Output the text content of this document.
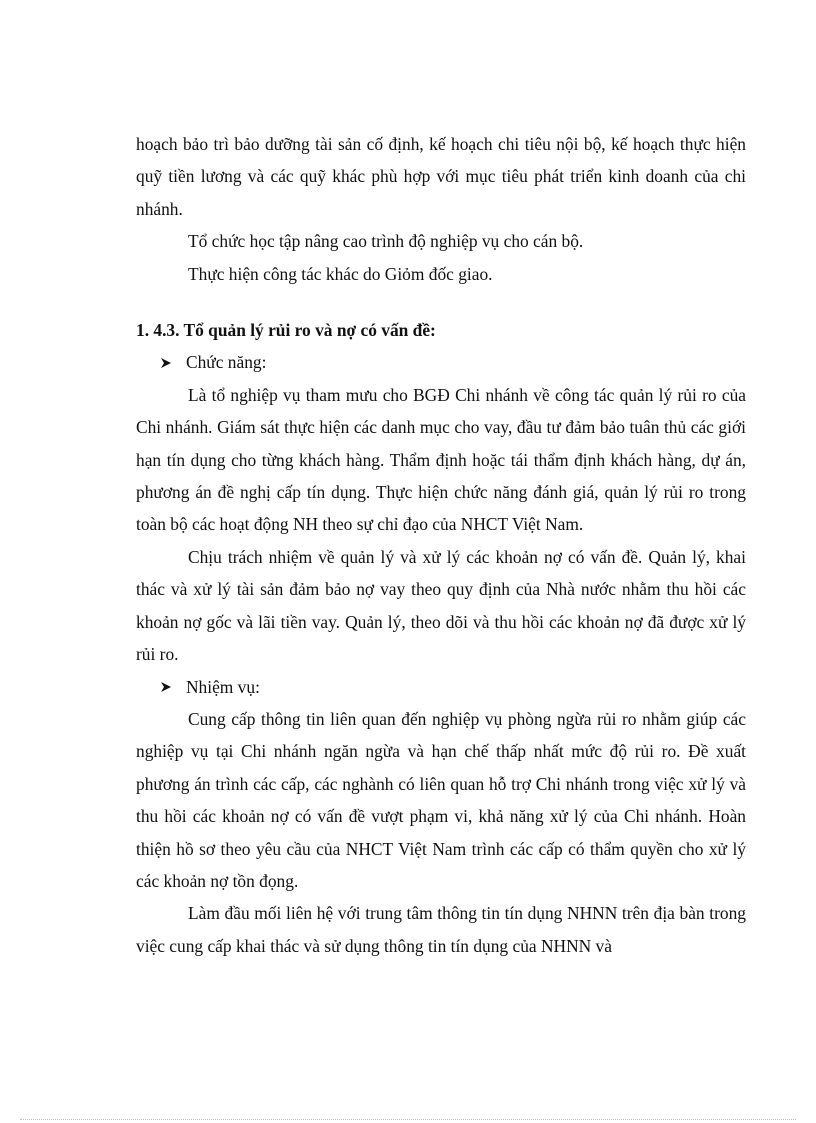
hoạch bảo trì bảo dưỡng tài sản cố định, kế hoạch chi tiêu nội bộ, kế hoạch thực hiện quỹ tiền lương và các quỹ khác phù hợp với mục tiêu phát triển kinh doanh của chi nhánh.

Tổ chức học tập nâng cao trình độ nghiệp vụ cho cán bộ.

Thực hiện công tác khác do Giỏm đốc giao.

1. 4.3. Tổ quản lý rủi ro và nợ có vấn đề:

Chức năng:

Là tổ nghiệp vụ tham mưu cho BGĐ Chi nhánh về công tác quản lý rủi ro của Chi nhánh. Giám sát thực hiện các danh mục cho vay, đầu tư đảm bảo tuân thủ các giới hạn tín dụng cho từng khách hàng. Thẩm định hoặc tái thẩm định khách hàng, dự án, phương án đề nghị cấp tín dụng. Thực hiện chức năng đánh giá, quản lý rủi ro trong toàn bộ các hoạt động NH theo sự chỉ đạo của NHCT Việt Nam.

Chịu trách nhiệm về quản lý và xử lý các khoản nợ có vấn đề. Quản lý, khai thác và xử lý tài sản đảm bảo nợ vay theo quy định của Nhà nước nhằm thu hồi các khoản nợ gốc và lãi tiền vay. Quản lý, theo dõi và thu hồi các khoản nợ đã được xử lý rủi ro.

Nhiệm vụ:

Cung cấp thông tin liên quan đến nghiệp vụ phòng ngừa rủi ro nhằm giúp các nghiệp vụ tại Chi nhánh ngăn ngừa và hạn chế thấp nhất mức độ rủi ro. Đề xuất phương án trình các cấp, các nghành có liên quan hỗ trợ Chi nhánh trong việc xử lý và thu hồi các khoản nợ có vấn đề vượt phạm vi, khả năng xử lý của Chi nhánh. Hoàn thiện hồ sơ theo yêu cầu của NHCT Việt Nam trình các cấp có thẩm quyền cho xử lý các khoản nợ tồn đọng.

Làm đầu mối liên hệ với trung tâm thông tin tín dụng NHNN trên địa bàn trong việc cung cấp khai thác và sử dụng thông tin tín dụng của NHNN và
